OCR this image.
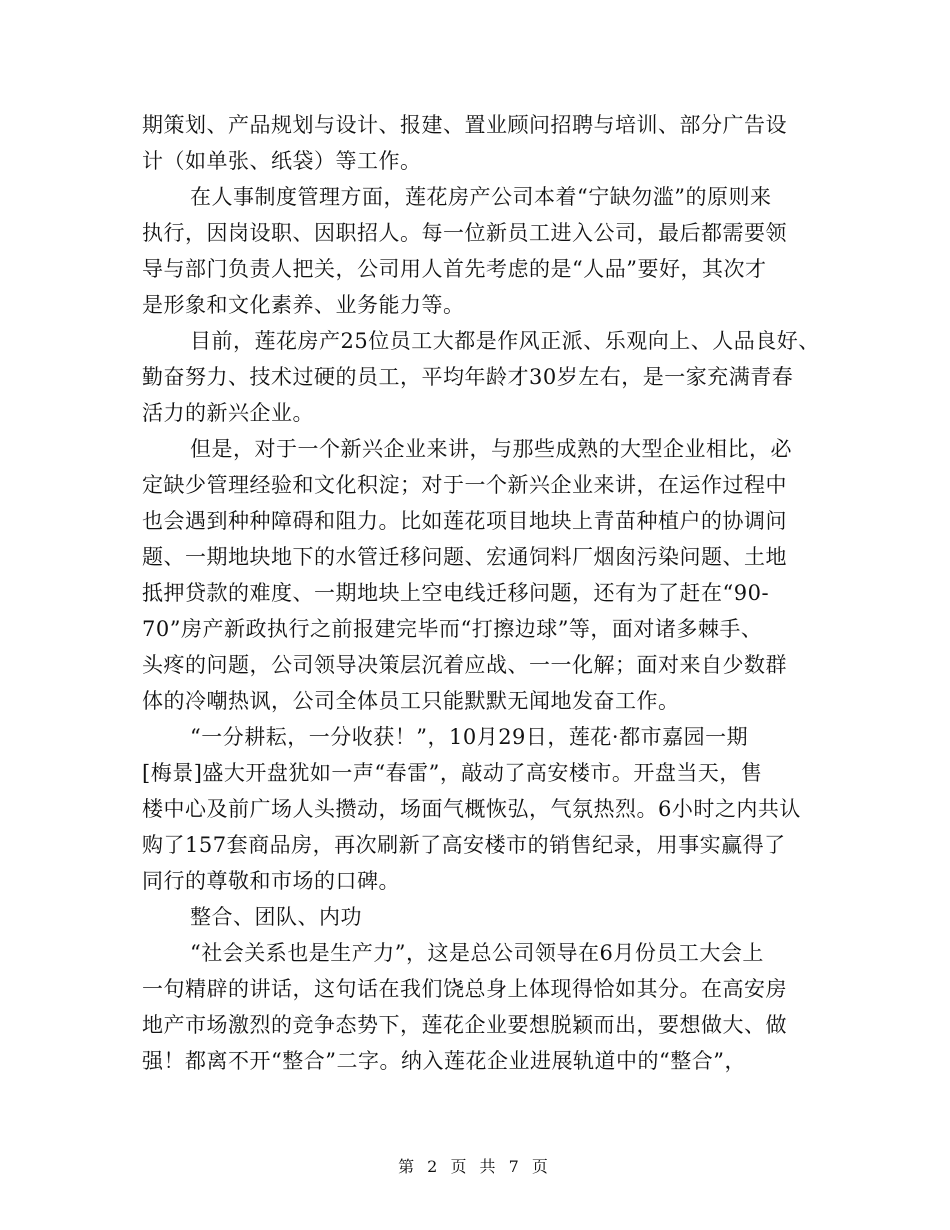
期策划、产品规划与设计、报建、置业顾问招聘与培训、部分广告设
计（如单张、纸袋）等工作。
在人事制度管理方面，莲花房产公司本着“宁缺勿滥”的原则来
执行，因岗设职、因职招人。每一位新员工进入公司，最后都需要领
导与部门负责人把关，公司用人首先考虑的是“人品”要好，其次才
是形象和文化素养、业务能力等。
目前，莲花房产25位员工大都是作风正派、乐观向上、人品良好、
勤奋努力、技术过硬的员工，平均年龄才30岁左右，是一家充满青春
活力的新兴企业。
但是，对于一个新兴企业来讲，与那些成熟的大型企业相比，必
定缺少管理经验和文化积淀；对于一个新兴企业来讲，在运作过程中
也会遇到种种障碍和阻力。比如莲花项目地块上青苗种植户的协调问
题、一期地块地下的水管迁移问题、宏通饲料厂烟囱污染问题、土地
抵押贷款的难度、一期地块上空电线迁移问题，还有为了赶在“90-
70”房产新政执行之前报建完毕而“打擦边球”等，面对诸多棘手、
头疼的问题，公司领导决策层沉着应战、一一化解；面对来自少数群
体的冷嘲热讽，公司全体员工只能默默无闻地发奋工作。
“一分耕耘，一分收获！”，10月29日，莲花·都市嘉园一期
[梅景]盛大开盘犹如一声“春雷”，敲动了高安楼市。开盘当天，售
楼中心及前广场人头攒动，场面气概恢弘，气氛热烈。6小时之内共认
购了157套商品房，再次刷新了高安楼市的销售纪录，用事实赢得了
同行的尊敬和市场的口碑。
整合、团队、内功
“社会关系也是生产力”，这是总公司领导在6月份员工大会上
一句精辟的讲话，这句话在我们饶总身上体现得恰如其分。在高安房
地产市场激烈的竞争态势下，莲花企业要想脱颖而出，要想做大、做
强！都离不开“整合”二字。纳入莲花企业进展轨道中的“整合”，
第 2 页 共 7 页
